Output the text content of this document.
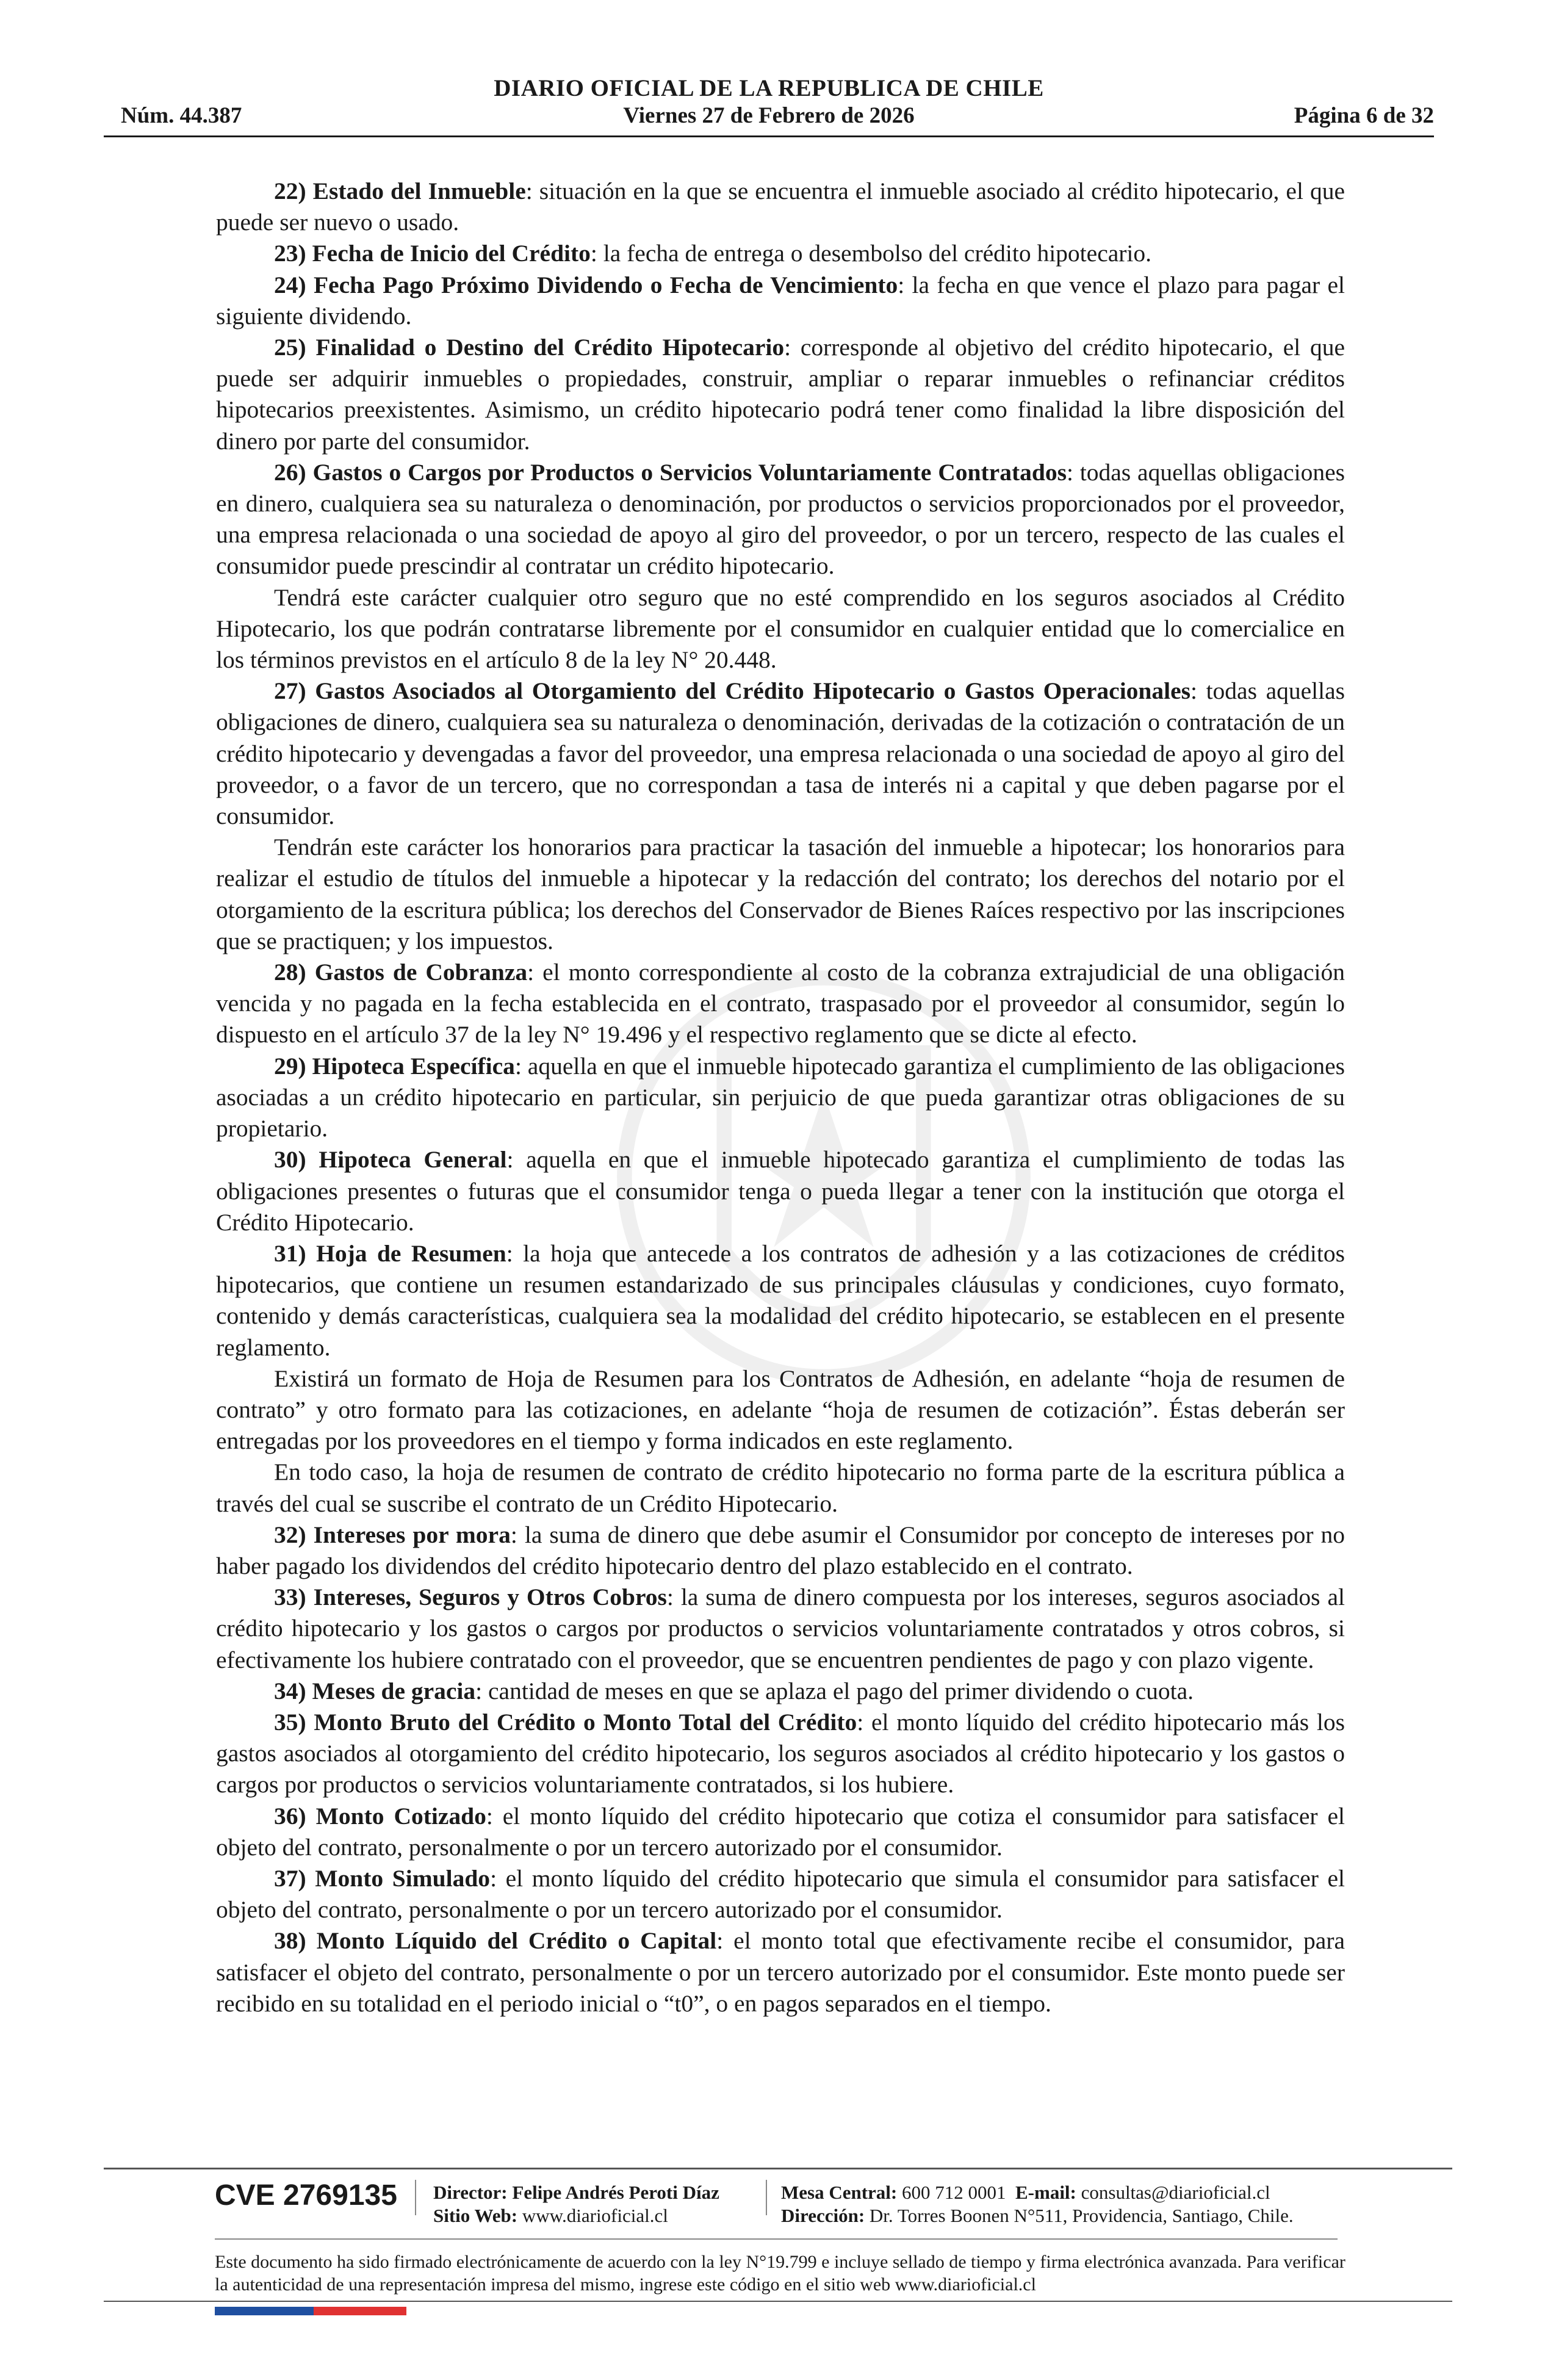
DIARIO OFICIAL DE LA REPUBLICA DE CHILE
Núm. 44.387	Viernes 27 de Febrero de 2026	Página 6 de 32

22) Estado del Inmueble: situación en la que se encuentra el inmueble asociado al crédito hipotecario, el que puede ser nuevo o usado.

23) Fecha de Inicio del Crédito: la fecha de entrega o desembolso del crédito hipotecario.

24) Fecha Pago Próximo Dividendo o Fecha de Vencimiento: la fecha en que vence el plazo para pagar el siguiente dividendo.

25) Finalidad o Destino del Crédito Hipotecario: corresponde al objetivo del crédito hipotecario, el que puede ser adquirir inmuebles o propiedades, construir, ampliar o reparar inmuebles o refinanciar créditos hipotecarios preexistentes. Asimismo, un crédito hipotecario podrá tener como finalidad la libre disposición del dinero por parte del consumidor.

26) Gastos o Cargos por Productos o Servicios Voluntariamente Contratados: todas aquellas obligaciones en dinero, cualquiera sea su naturaleza o denominación, por productos o servicios proporcionados por el proveedor, una empresa relacionada o una sociedad de apoyo al giro del proveedor, o por un tercero, respecto de las cuales el consumidor puede prescindir al contratar un crédito hipotecario.

Tendrá este carácter cualquier otro seguro que no esté comprendido en los seguros asociados al Crédito Hipotecario, los que podrán contratarse libremente por el consumidor en cualquier entidad que lo comercialice en los términos previstos en el artículo 8 de la ley N° 20.448.

27) Gastos Asociados al Otorgamiento del Crédito Hipotecario o Gastos Operacionales: todas aquellas obligaciones de dinero, cualquiera sea su naturaleza o denominación, derivadas de la cotización o contratación de un crédito hipotecario y devengadas a favor del proveedor, una empresa relacionada o una sociedad de apoyo al giro del proveedor, o a favor de un tercero, que no correspondan a tasa de interés ni a capital y que deben pagarse por el consumidor.

Tendrán este carácter los honorarios para practicar la tasación del inmueble a hipotecar; los honorarios para realizar el estudio de títulos del inmueble a hipotecar y la redacción del contrato; los derechos del notario por el otorgamiento de la escritura pública; los derechos del Conservador de Bienes Raíces respectivo por las inscripciones que se practiquen; y los impuestos.

28) Gastos de Cobranza: el monto correspondiente al costo de la cobranza extrajudicial de una obligación vencida y no pagada en la fecha establecida en el contrato, traspasado por el proveedor al consumidor, según lo dispuesto en el artículo 37 de la ley N° 19.496 y el respectivo reglamento que se dicte al efecto.

29) Hipoteca Específica: aquella en que el inmueble hipotecado garantiza el cumplimiento de las obligaciones asociadas a un crédito hipotecario en particular, sin perjuicio de que pueda garantizar otras obligaciones de su propietario.

30) Hipoteca General: aquella en que el inmueble hipotecado garantiza el cumplimiento de todas las obligaciones presentes o futuras que el consumidor tenga o pueda llegar a tener con la institución que otorga el Crédito Hipotecario.

31) Hoja de Resumen: la hoja que antecede a los contratos de adhesión y a las cotizaciones de créditos hipotecarios, que contiene un resumen estandarizado de sus principales cláusulas y condiciones, cuyo formato, contenido y demás características, cualquiera sea la modalidad del crédito hipotecario, se establecen en el presente reglamento.

Existirá un formato de Hoja de Resumen para los Contratos de Adhesión, en adelante “hoja de resumen de contrato” y otro formato para las cotizaciones, en adelante “hoja de resumen de cotización”. Éstas deberán ser entregadas por los proveedores en el tiempo y forma indicados en este reglamento.

En todo caso, la hoja de resumen de contrato de crédito hipotecario no forma parte de la escritura pública a través del cual se suscribe el contrato de un Crédito Hipotecario.

32) Intereses por mora: la suma de dinero que debe asumir el Consumidor por concepto de intereses por no haber pagado los dividendos del crédito hipotecario dentro del plazo establecido en el contrato.

33) Intereses, Seguros y Otros Cobros: la suma de dinero compuesta por los intereses, seguros asociados al crédito hipotecario y los gastos o cargos por productos o servicios voluntariamente contratados y otros cobros, si efectivamente los hubiere contratado con el proveedor, que se encuentren pendientes de pago y con plazo vigente.

34) Meses de gracia: cantidad de meses en que se aplaza el pago del primer dividendo o cuota.

35) Monto Bruto del Crédito o Monto Total del Crédito: el monto líquido del crédito hipotecario más los gastos asociados al otorgamiento del crédito hipotecario, los seguros asociados al crédito hipotecario y los gastos o cargos por productos o servicios voluntariamente contratados, si los hubiere.

36) Monto Cotizado: el monto líquido del crédito hipotecario que cotiza el consumidor para satisfacer el objeto del contrato, personalmente o por un tercero autorizado por el consumidor.

37) Monto Simulado: el monto líquido del crédito hipotecario que simula el consumidor para satisfacer el objeto del contrato, personalmente o por un tercero autorizado por el consumidor.

38) Monto Líquido del Crédito o Capital: el monto total que efectivamente recibe el consumidor, para satisfacer el objeto del contrato, personalmente o por un tercero autorizado por el consumidor. Este monto puede ser recibido en su totalidad en el periodo inicial o “t0”, o en pagos separados en el tiempo.

CVE 2769135 Director: Felipe Andrés Peroti Díaz
Sitio Web: www.diarioficial.cl
Mesa Central: 600 712 0001 E-mail: consultas@diarioficial.cl
Dirección: Dr. Torres Boonen N°511, Providencia, Santiago, Chile.
Este documento ha sido firmado electrónicamente de acuerdo con la ley N°19.799 e incluye sellado de tiempo y firma electrónica avanzada. Para verificar la autenticidad de una representación impresa del mismo, ingrese este código en el sitio web www.diarioficial.cl
